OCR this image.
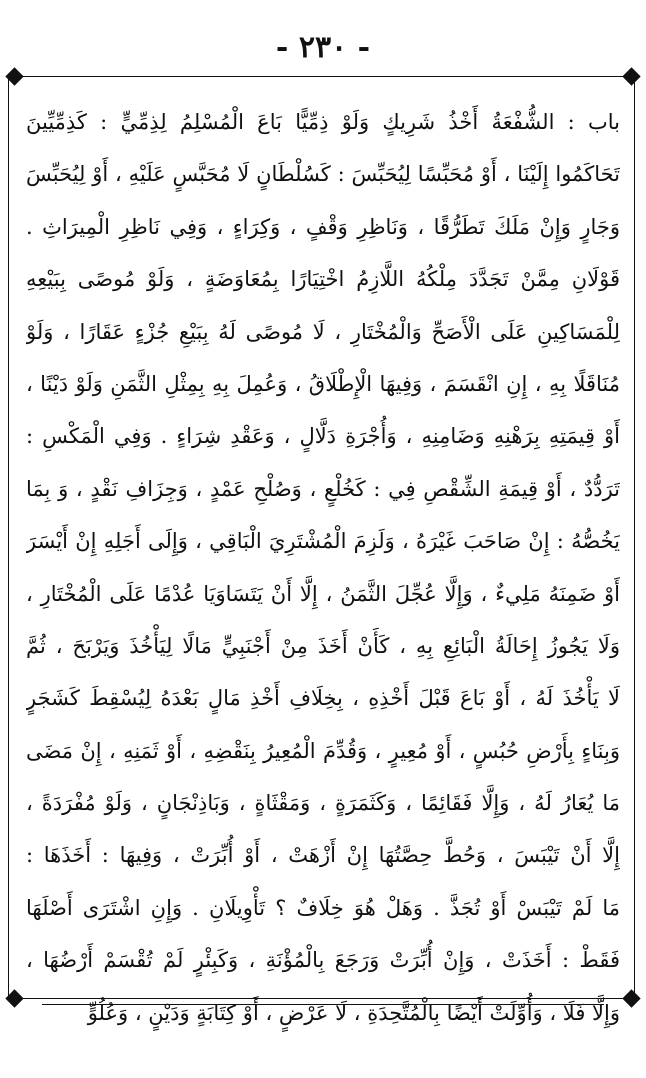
- ٢٣٠ -
باب : الشُّفْعَةُ أَخْذُ شَرِيكٍ وَلَوْ ذِمِّيًّا بَاعَ الْمُسْلِمُ لِذِمِّيٍّ : كَذِمِّيِّينَ
تَحَاكَمُوا إِلَيْنَا ، أَوْ مُحَبِّسًا لِيُحَبِّسَ : كَسُلْطَانٍ لَا مُحَبَّسٍ عَلَيْهِ ، أَوْ لِيُحَبِّسَ
وَجَارٍ وَإِنْ مَلَكَ تَطَرُّقًا ، وَنَاظِرِ وَقْفٍ ، وَكِرَاءٍ ، وَفِي نَاظِرِ الْمِيرَاثِ .
قَوْلَانِ مِمَّنْ تَجَدَّدَ مِلْكُهُ اللَّازِمُ اخْتِيَارًا بِمُعَاوَضَةٍ ، وَلَوْ مُوصًى بِبَيْعِهِ
لِلْمَسَاكِينِ عَلَى الْأَصَحِّ وَالْمُخْتَارِ ، لَا مُوصًى لَهُ بِبَيْعِ جُزْءٍ عَقَارًا ، وَلَوْ
مُنَاقَلًا بِهِ ، إِنِ انْقَسَمَ ، وَفِيهَا الْإِطْلَاقُ ، وَعُمِلَ بِهِ بِمِثْلِ الثَّمَنِ وَلَوْ دَيْنًا ،
أَوْ قِيمَتِهِ بِرَهْنِهِ وَضَامِنِهِ ، وَأُجْرَةِ دَلَّالٍ ، وَعَقْدِ شِرَاءٍ . وَفِي الْمَكْسِ :
تَرَدُّدٌ ، أَوْ قِيمَةِ الشِّقْصِ فِي : كَخُلْعٍ ، وَصُلْحِ عَمْدٍ ، وَجِزَافِ نَقْدٍ ، وَ بِمَا
يَخُصُّهُ : إِنْ صَاحَبَ غَيْرَهُ ، وَلَزِمَ الْمُشْتَرِيَ الْبَاقِي ، وَإِلَى أَجَلِهِ إِنْ أَيْسَرَ
أَوْ ضَمِنَهُ مَلِيءٌ ، وَإِلَّا عُجِّلَ الثَّمَنُ ، إِلَّا أَنْ يَتَسَاوَيَا عُدْمًا عَلَى الْمُخْتَارِ ،
وَلَا يَجُوزُ إِحَالَةُ الْبَائِعِ بِهِ ، كَأَنْ أَخَذَ مِنْ أَجْنَبِيٍّ مَالًا لِيَأْخُذَ وَيَرْبَحَ ، ثُمَّ
لَا يَأْخُذَ لَهُ ، أَوْ بَاعَ قَبْلَ أَخْذِهِ ، بِخِلَافِ أَخْذِ مَالٍ بَعْدَهُ لِيُسْقِطَ كَشَجَرٍ
وَبِنَاءٍ بِأَرْضِ حُبُسٍ ، أَوْ مُعِيرٍ ، وَقُدِّمَ الْمُعِيرُ بِنَقْضِهِ ، أَوْ ثَمَنِهِ ، إِنْ مَضَى
مَا يُعَارُ لَهُ ، وَإِلَّا فَقَائِمًا ، وَكَثَمَرَةٍ ، وَمَقْثَاةٍ ، وَبَاذِنْجَانٍ ، وَلَوْ مُفْرَدَةً ،
إِلَّا أَنْ تَيْبَسَ ، وَحُطَّ حِصَّتُهَا إِنْ أَزْهَتْ ، أَوْ أُبِّرَتْ ، وَفِيهَا : أَخَذَهَا :
مَا لَمْ تَيْبَسْ أَوْ تُجَذَّ . وَهَلْ هُوَ خِلَافٌ ؟ تَأْوِيلَانِ . وَإِنِ اشْتَرَى أَصْلَهَا
فَقَطْ : أَخَذَتْ ، وَإِنْ أُبِّرَتْ وَرَجَعَ بِالْمُؤْنَةِ ، وَكَبِئْرٍ لَمْ تُقْسَمْ أَرْضُهَا ،
وَإِلَّا فَلَا ، وَأُوِّلَتْ أَيْضًا بِالْمُتَّحِدَةِ ، لَا عَرْضٍ ، أَوْ كِتَابَةٍ وَدَيْنٍ ، وَعُلُوٍّ
